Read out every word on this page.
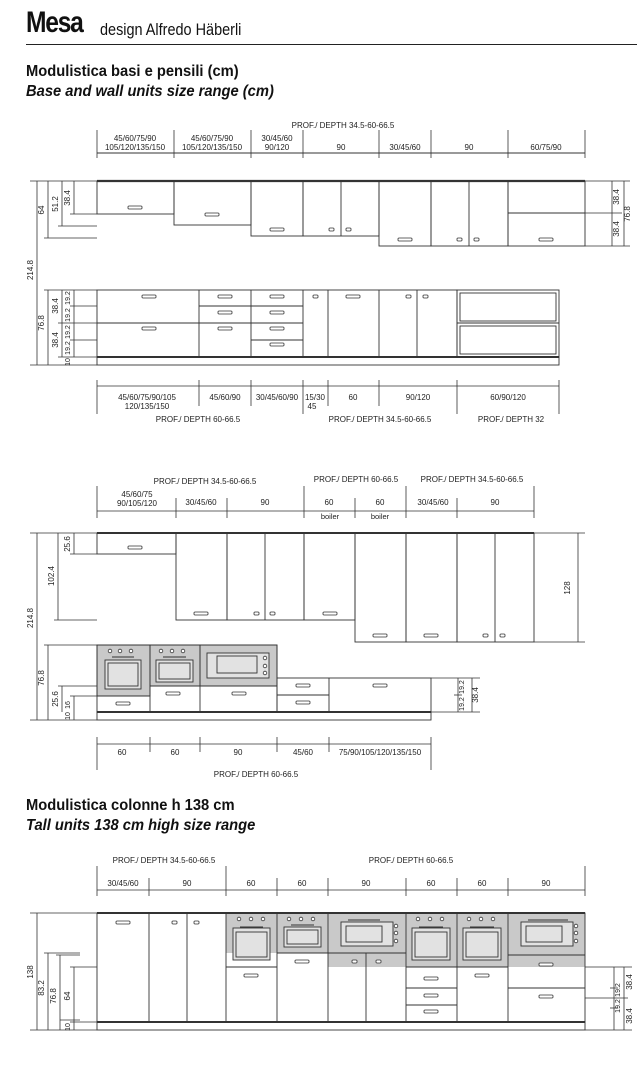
Mesa design Alfredo Häberli
Modulistica basi e pensili (cm)
Base and wall units size range (cm)
Modulistica colonne h 138 cm
Tall units 138 cm high size range
PROF./ DEPTH 34.5-60-66.5
45/60/75/90
105/120/135/150
45/60/75/90
105/120/135/150
30/45/60
90/120	90	30/45/60	90	60/75/90
214.8
64 51.2 38.4
76.8
38.4
38.4
19.2
19.2
19.2
19.2
10
38.4
38.4
76.8
45/60/75/90/105
120/135/150
45/60/90 30/45/60/90 15/30
45
60	90/120	60/90/120
PROF./ DEPTH 60-66.5	PROF./ DEPTH 34.5-60-66.5	PROF./ DEPTH 32
PROF./ DEPTH 34.5-60-66.5	PROF./ DEPTH 60-66.5	PROF./ DEPTH 34.5-60-66.5
45/60/75
90/105/120	30/45/60	90	60	60
boiler	boiler
30/45/60	90
214.8
102.4
25.6
76.8
25.6 16
10
128
19.2
19.2
38.4
60	60	90	45/60	75/90/105/120/135/150
PROF./ DEPTH 60-66.5
PROF./ DEPTH 34.5-60-66.5	PROF./ DEPTH 60-66.5
30/45/60	90	60	60	90	60	60	90
138
83.2
76.8 64
10
38.4
19.2
19.2
38.4
